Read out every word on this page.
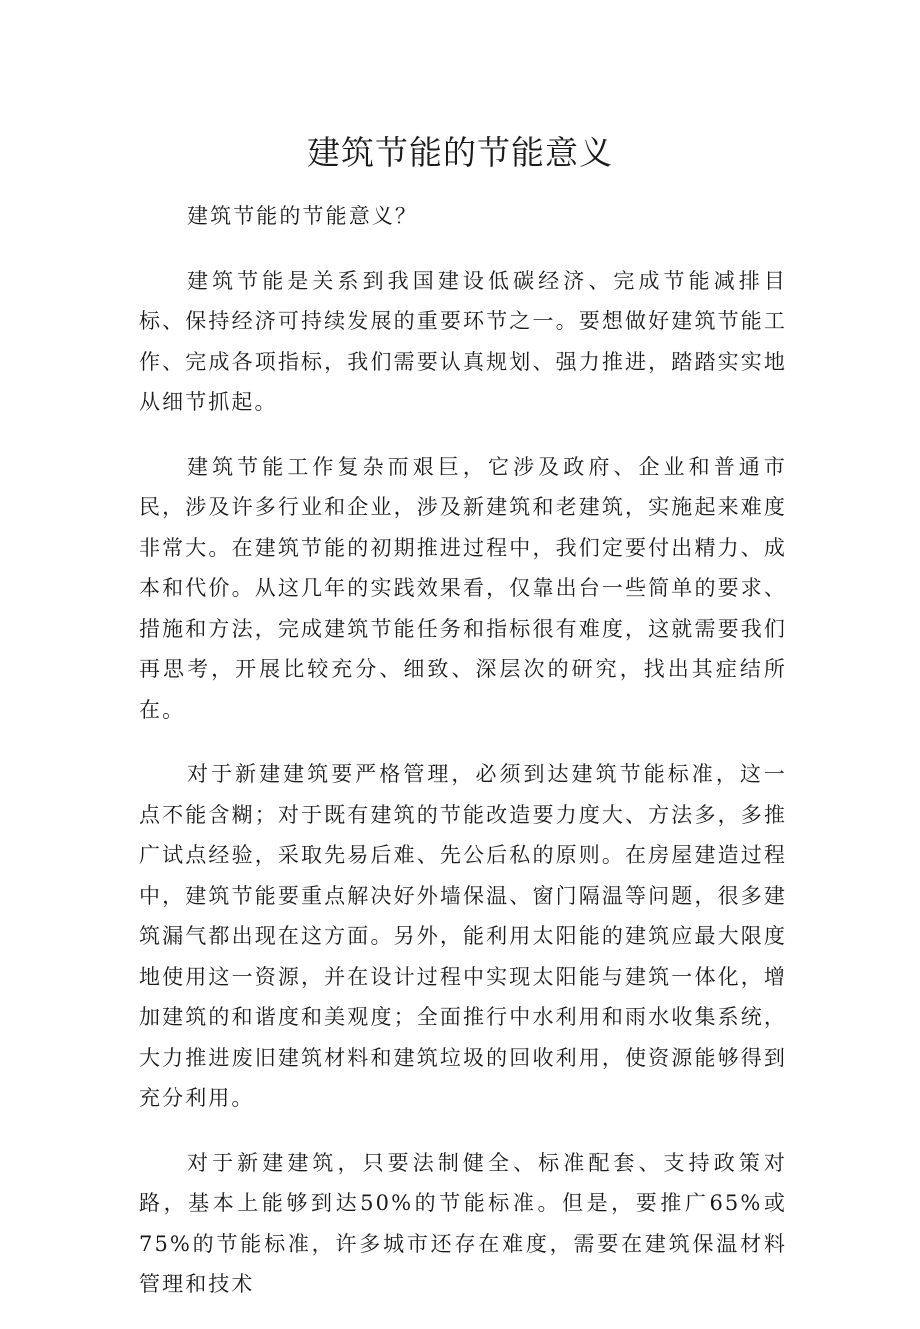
建筑节能的节能意义

建筑节能的节能意义？

建筑节能是关系到我国建设低碳经济、完成节能减排目标、保持经济可持续发展的重要环节之一。要想做好建筑节能工作、完成各项指标，我们需要认真规划、强力推进，踏踏实实地从细节抓起。

建筑节能工作复杂而艰巨，它涉及政府、企业和普通市民，涉及许多行业和企业，涉及新建筑和老建筑，实施起来难度非常大。在建筑节能的初期推进过程中，我们定要付出精力、成本和代价。从这几年的实践效果看，仅靠出台一些简单的要求、措施和方法，完成建筑节能任务和指标很有难度，这就需要我们再思考，开展比较充分、细致、深层次的研究，找出其症结所在。

对于新建建筑要严格管理，必须到达建筑节能标准，这一点不能含糊；对于既有建筑的节能改造要力度大、方法多，多推广试点经验，采取先易后难、先公后私的原则。在房屋建造过程中，建筑节能要重点解决好外墙保温、窗门隔温等问题，很多建筑漏气都出现在这方面。另外，能利用太阳能的建筑应最大限度地使用这一资源，并在设计过程中实现太阳能与建筑一体化，增加建筑的和谐度和美观度；全面推行中水利用和雨水收集系统，大力推进废旧建筑材料和建筑垃圾的回收利用，使资源能够得到充分利用。

对于新建建筑，只要法制健全、标准配套、支持政策对路，基本上能够到达50%的节能标准。但是，要推广65%或75%的节能标准，许多城市还存在难度，需要在建筑保温材料管理和技术
